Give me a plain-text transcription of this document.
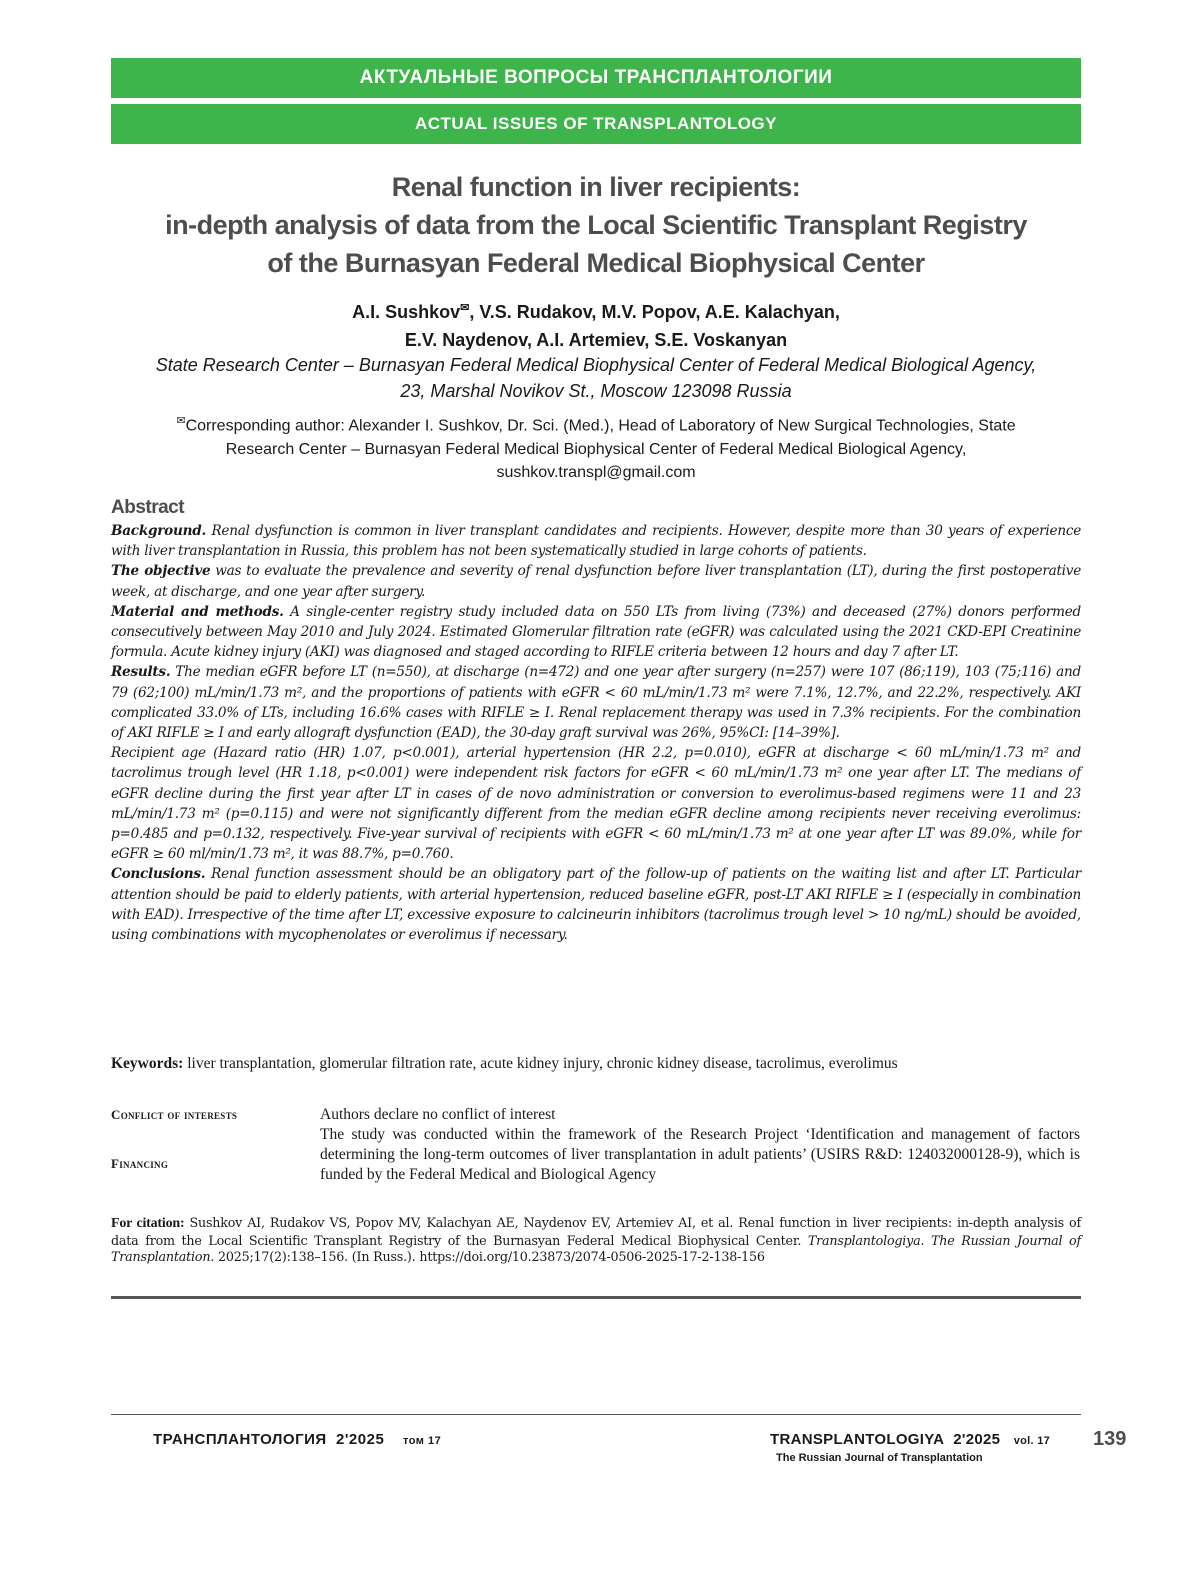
АКТУАЛЬНЫЕ ВОПРОСЫ ТРАНСПЛАНТОЛОГИИ
ACTUAL ISSUES OF TRANSPLANTOLOGY
Renal function in liver recipients:
in-depth analysis of data from the Local Scientific Transplant Registry
of the Burnasyan Federal Medical Biophysical Center
A.I. Sushkov✉, V.S. Rudakov, M.V. Popov, A.E. Kalachyan,
E.V. Naydenov, A.I. Artemiev, S.E. Voskanyan
State Research Center – Burnasyan Federal Medical Biophysical Center of Federal Medical Biological Agency,
23, Marshal Novikov St., Moscow 123098 Russia
✉Corresponding author: Alexander I. Sushkov, Dr. Sci. (Med.), Head of Laboratory of New Surgical Technologies, State
Research Center – Burnasyan Federal Medical Biophysical Center of Federal Medical Biological Agency,
sushkov.transpl@gmail.com
Abstract

Background. Renal dysfunction is common in liver transplant candidates and recipients. However, despite more than 30 years of experience with liver transplantation in Russia, this problem has not been systematically studied in large cohorts of patients.

The objective was to evaluate the prevalence and severity of renal dysfunction before liver transplantation (LT), during the first postoperative week, at discharge, and one year after surgery.

Material and methods. A single-center registry study included data on 550 LTs from living (73%) and deceased (27%) donors performed consecutively between May 2010 and July 2024. Estimated Glomerular filtration rate (eGFR) was calculated using the 2021 CKD-EPI Creatinine formula. Acute kidney injury (AKI) was diagnosed and staged according to RIFLE criteria between 12 hours and day 7 after LT.

Results. The median eGFR before LT (n=550), at discharge (n=472) and one year after surgery (n=257) were 107 (86;119), 103 (75;116) and 79 (62;100) mL/min/1.73 m², and the proportions of patients with eGFR < 60 mL/min/1.73 m² were 7.1%, 12.7%, and 22.2%, respectively. AKI complicated 33.0% of LTs, including 16.6% cases with RIFLE ≥ I. Renal replacement therapy was used in 7.3% recipients. For the combination of AKI RIFLE ≥ I and early allograft dysfunction (EAD), the 30-day graft survival was 26%, 95%CI: [14–39%].

Recipient age (Hazard ratio (HR) 1.07, p<0.001), arterial hypertension (HR 2.2, p=0.010), eGFR at discharge < 60 mL/min/1.73 m² and tacrolimus trough level (HR 1.18, p<0.001) were independent risk factors for eGFR < 60 mL/min/1.73 m² one year after LT. The medians of eGFR decline during the first year after LT in cases of de novo administration or conversion to everolimus-based regimens were 11 and 23 mL/min/1.73 m² (p=0.115) and were not significantly different from the median eGFR decline among recipients never receiving everolimus: p=0.485 and p=0.132, respectively. Five-year survival of recipients with eGFR < 60 mL/min/1.73 m² at one year after LT was 89.0%, while for eGFR ≥ 60 ml/min/1.73 m², it was 88.7%, p=0.760.

Conclusions. Renal function assessment should be an obligatory part of the follow-up of patients on the waiting list and after LT. Particular attention should be paid to elderly patients, with arterial hypertension, reduced baseline eGFR, post-LT AKI RIFLE ≥ I (especially in combination with EAD). Irrespective of the time after LT, excessive exposure to calcineurin inhibitors (tacrolimus trough level > 10 ng/mL) should be avoided, using combinations with mycophenolates or everolimus if necessary.

Keywords: liver transplantation, glomerular filtration rate, acute kidney injury, chronic kidney disease, tacrolimus, everolimus
Conflict of interests	Authors declare no conflict of interest
Financing
The study was conducted within the framework of the Research Project ‘Identification and management of factors determining the long-term outcomes of liver transplantation in adult patients’ (USIRS R&D: 124032000128-9), which is funded by the Federal Medical and Biological Agency
For citation: Sushkov AI, Rudakov VS, Popov MV, Kalachyan AE, Naydenov EV, Artemiev AI, et al. Renal function in liver recipients: in-depth analysis of data from the Local Scientific Transplant Registry of the Burnasyan Federal Medical Biophysical Center. Transplantologiya. The Russian Journal of Transplantation. 2025;17(2):138–156. (In Russ.). https://doi.org/10.23873/2074-0506-2025-17-2-138-156
ТРАНСПЛАНТОЛОГИЯ 2'2025 том 17	TRANSPLANTOLOGIYA 2'2025 vol. 17
The Russian Journal of Transplantation
139
